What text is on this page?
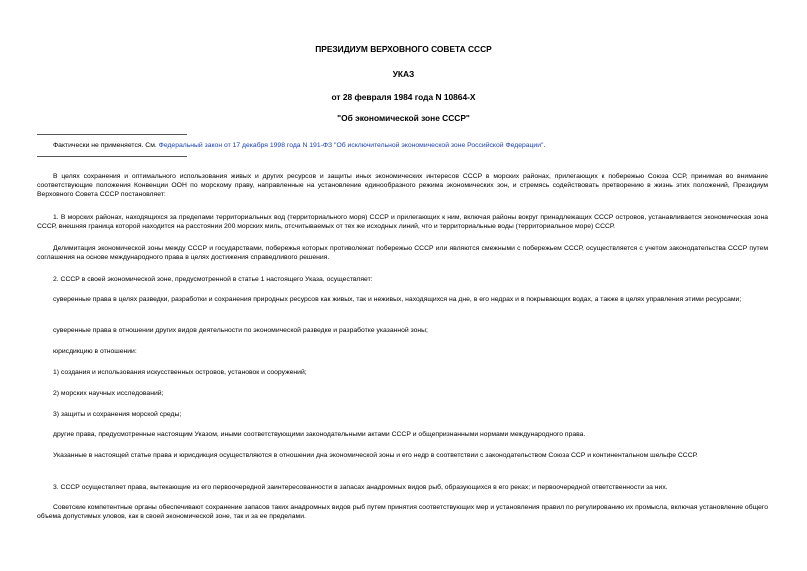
ПРЕЗИДИУМ ВЕРХОВНОГО СОВЕТА СССР
УКАЗ
от 28 февраля 1984 года N 10864-X
"Об экономической зоне СССР"
Фактически не применяется. См. Федеральный закон от 17 декабря 1998 года N 191-ФЗ "Об исключительной экономической зоне Российской Федерации".

В целях сохранения и оптимального использования живых и других ресурсов и защиты иных экономических интересов СССР в морских районах, прилегающих к побережью Союза ССР, принимая во внимание соответствующие положения Конвенции ООН по морскому праву, направленные на установление единообразного режима экономических зон, и стремясь содействовать претворению в жизнь этих положений, Президиум Верховного Совета СССР постановляет:

1. В морских районах, находящихся за пределами территориальных вод (территориального моря) СССР и прилегающих к ним, включая районы вокруг принадлежащих СССР островов, устанавливается экономическая зона СССР, внешняя граница которой находится на расстоянии 200 морских миль, отсчитываемых от тех же исходных линий, что и территориальные воды (территориальное море) СССР.

Делимитация экономической зоны между СССР и государствами, побережья которых противолежат побережью СССР или являются смежными с побережьем СССР, осуществляется с учетом законодательства СССР путем соглашения на основе международного права в целях достижения справедливого решения.

2. СССР в своей экономической зоне, предусмотренной в статье 1 настоящего Указа, осуществляет:

суверенные права в целях разведки, разработки и сохранения природных ресурсов как живых, так и неживых, находящихся на дне, в его недрах и в покрывающих водах, а также в целях управления этими ресурсами;

суверенные права в отношении других видов деятельности по экономической разведке и разработке указанной зоны;

юрисдикцию в отношении:

1) создания и использования искусственных островов, установок и сооружений;

2) морских научных исследований;

3) защиты и сохранения морской среды;

другие права, предусмотренные настоящим Указом, иными соответствующими законодательными актами СССР и общепризнанными нормами международного права.

Указанные в настоящей статье права и юрисдикция осуществляются в отношении дна экономической зоны и его недр в соответствии с законодательством Союза ССР и континентальном шельфе СССР.

3. СССР осуществляет права, вытекающие из его первоочередной заинтересованности в запасах анадромных видов рыб, образующихся в его реках; и первоочередной ответственности за них.

Советские компетентные органы обеспечивают сохранение запасов таких анадромных видов рыб путем принятия соответствующих мер и установления правил по регулированию их промысла, включая установление общего объема допустимых уловов, как в своей экономической зоне, так и за ее пределами.
